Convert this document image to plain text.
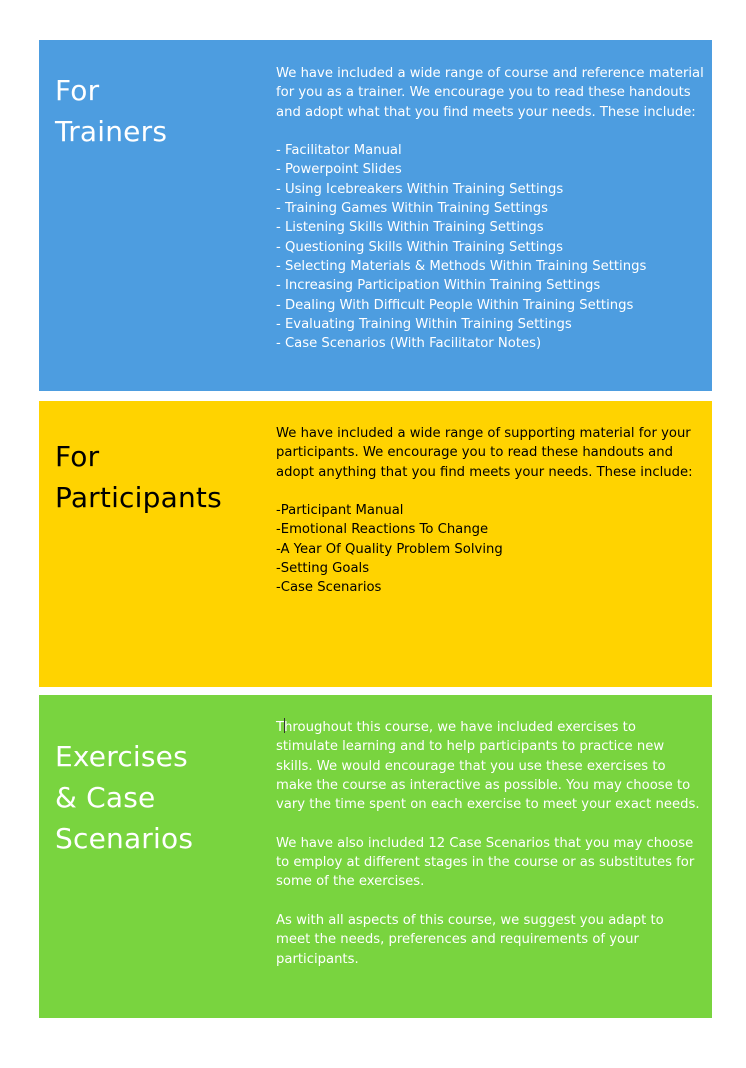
For
Trainers

We have included a wide range of course and reference material for you as a trainer. We encourage you to read these handouts and adopt what that you find meets your needs. These include:

- Facilitator Manual
- Powerpoint Slides
- Using Icebreakers Within Training Settings
- Training Games Within Training Settings
- Listening Skills Within Training Settings
- Questioning Skills Within Training Settings
- Selecting Materials & Methods Within Training Settings
- Increasing Participation Within Training Settings
- Dealing With Difficult People Within Training Settings
- Evaluating Training Within Training Settings
- Case Scenarios (With Facilitator Notes)
For
Participants

We have included a wide range of supporting material for your participants. We encourage you to read these handouts and adopt anything that you find meets your needs. These include:

-Participant Manual
-Emotional Reactions To Change
-A Year Of Quality Problem Solving
-Setting Goals
-Case Scenarios
Exercises
& Case
Scenarios

Throughout this course, we have included exercises to stimulate learning and to help participants to practice new skills. We would encourage that you use these exercises to make the course as interactive as possible. You may choose to vary the time spent on each exercise to meet your exact needs.

We have also included 12 Case Scenarios that you may choose to employ at different stages in the course or as substitutes for some of the exercises.

As with all aspects of this course, we suggest you adapt to meet the needs, preferences and requirements of your participants.
